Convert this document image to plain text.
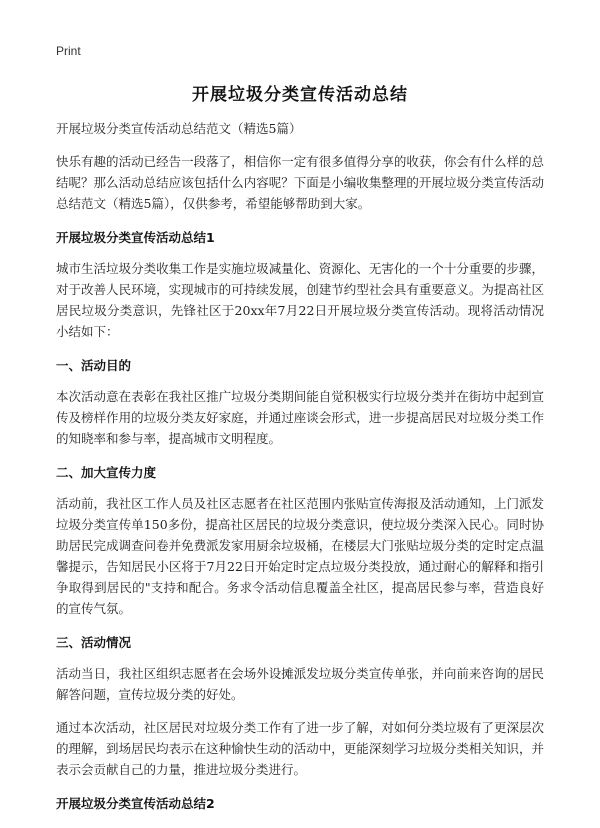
Print
开展垃圾分类宣传活动总结
开展垃圾分类宣传活动总结范文（精选5篇）

快乐有趣的活动已经告一段落了，相信你一定有很多值得分享的收获，你会有什么样的总结呢？那么活动总结应该包括什么内容呢？下面是小编收集整理的开展垃圾分类宣传活动总结范文（精选5篇），仅供参考，希望能够帮助到大家。

开展垃圾分类宣传活动总结1

城市生活垃圾分类收集工作是实施垃圾减量化、资源化、无害化的一个十分重要的步骤，对于改善人民环境，实现城市的可持续发展，创建节约型社会具有重要意义。为提高社区居民垃圾分类意识，先锋社区于20xx年7月22日开展垃圾分类宣传活动。现将活动情况小结如下：

一、活动目的

本次活动意在表彰在我社区推广垃圾分类期间能自觉积极实行垃圾分类并在街坊中起到宣传及榜样作用的垃圾分类友好家庭，并通过座谈会形式，进一步提高居民对垃圾分类工作的知晓率和参与率，提高城市文明程度。

二、加大宣传力度

活动前，我社区工作人员及社区志愿者在社区范围内张贴宣传海报及活动通知，上门派发垃圾分类宣传单150多份，提高社区居民的垃圾分类意识，使垃圾分类深入民心。同时协助居民完成调查问卷并免费派发家用厨余垃圾桶，在楼层大门张贴垃圾分类的定时定点温馨提示，告知居民小区将于7月22日开始定时定点垃圾分类投放，通过耐心的解释和指引争取得到居民的"支持和配合。务求令活动信息覆盖全社区，提高居民参与率，营造良好的宣传气氛。

三、活动情况

活动当日，我社区组织志愿者在会场外设摊派发垃圾分类宣传单张，并向前来咨询的居民解答问题，宣传垃圾分类的好处。

通过本次活动，社区居民对垃圾分类工作有了进一步了解，对如何分类垃圾有了更深层次的理解，到场居民均表示在这种愉快生动的活动中，更能深刻学习垃圾分类相关知识，并表示会贡献自己的力量，推进垃圾分类进行。

开展垃圾分类宣传活动总结2
